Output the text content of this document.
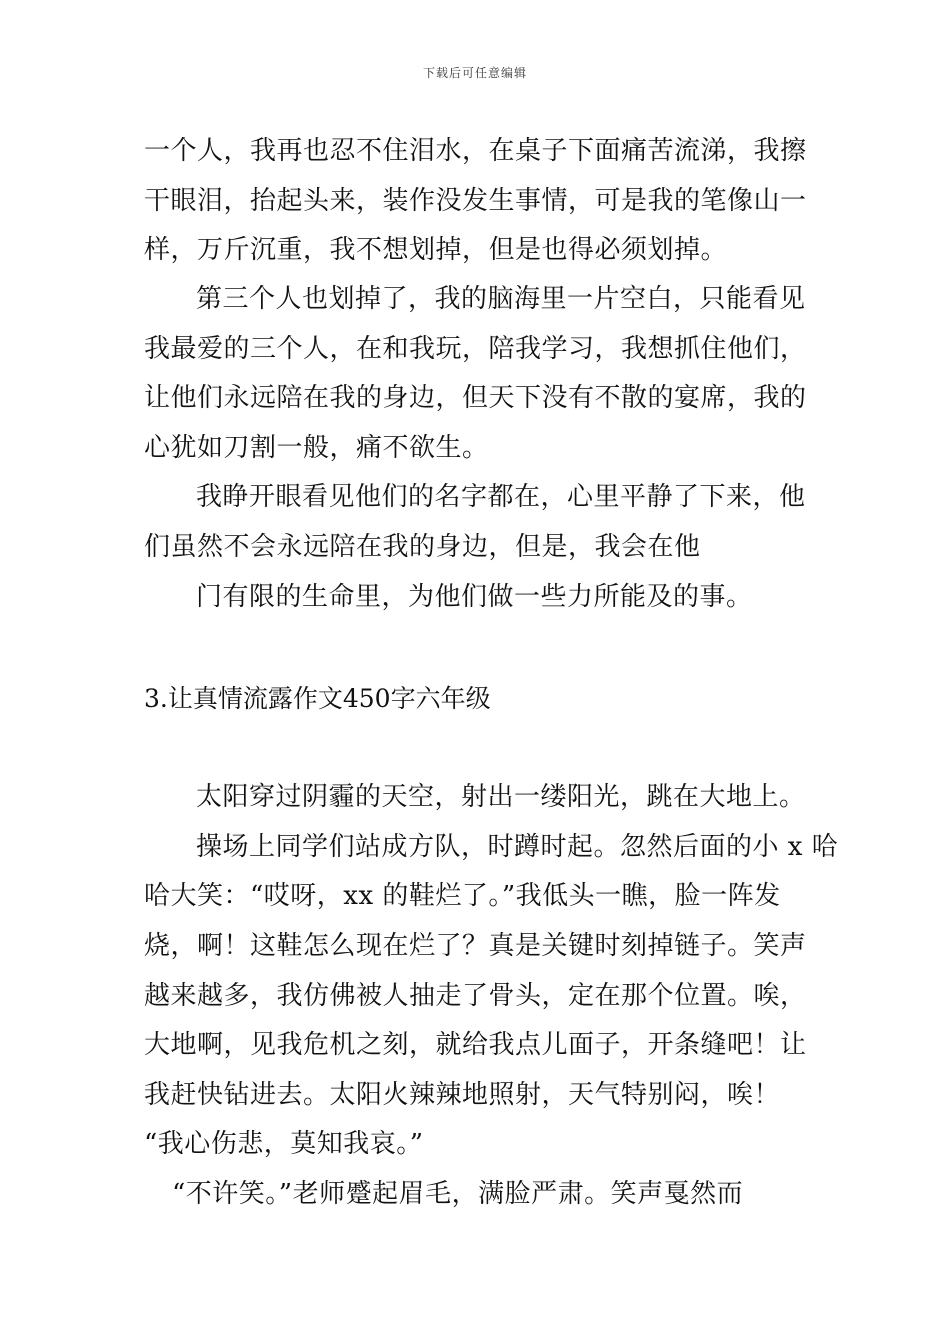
下载后可任意编辑
一个人，我再也忍不住泪水，在桌子下面痛苦流涕，我擦
干眼泪，抬起头来，装作没发生事情，可是我的笔像山一
样，万斤沉重，我不想划掉，但是也得必须划掉。
第三个人也划掉了，我的脑海里一片空白，只能看见
我最爱的三个人，在和我玩，陪我学习，我想抓住他们，
让他们永远陪在我的身边，但天下没有不散的宴席，我的
心犹如刀割一般，痛不欲生。
我睁开眼看见他们的名字都在，心里平静了下来，他
们虽然不会永远陪在我的身边，但是，我会在他
门有限的生命里，为他们做一些力所能及的事。
3.让真情流露作文450字六年级
太阳穿过阴霾的天空，射出一缕阳光，跳在大地上。
操场上同学们站成方队，时蹲时起。忽然后面的小 x 哈
哈大笑：“哎呀，xx 的鞋烂了。”我低头一瞧，脸一阵发
烧，啊！这鞋怎么现在烂了？真是关键时刻掉链子。笑声
越来越多，我仿佛被人抽走了骨头，定在那个位置。唉，
大地啊，见我危机之刻，就给我点儿面子，开条缝吧！让
我赶快钻进去。太阳火辣辣地照射，天气特别闷，唉！
“我心伤悲，莫知我哀。”
“不许笑。”老师蹙起眉毛，满脸严肃。笑声戛然而
